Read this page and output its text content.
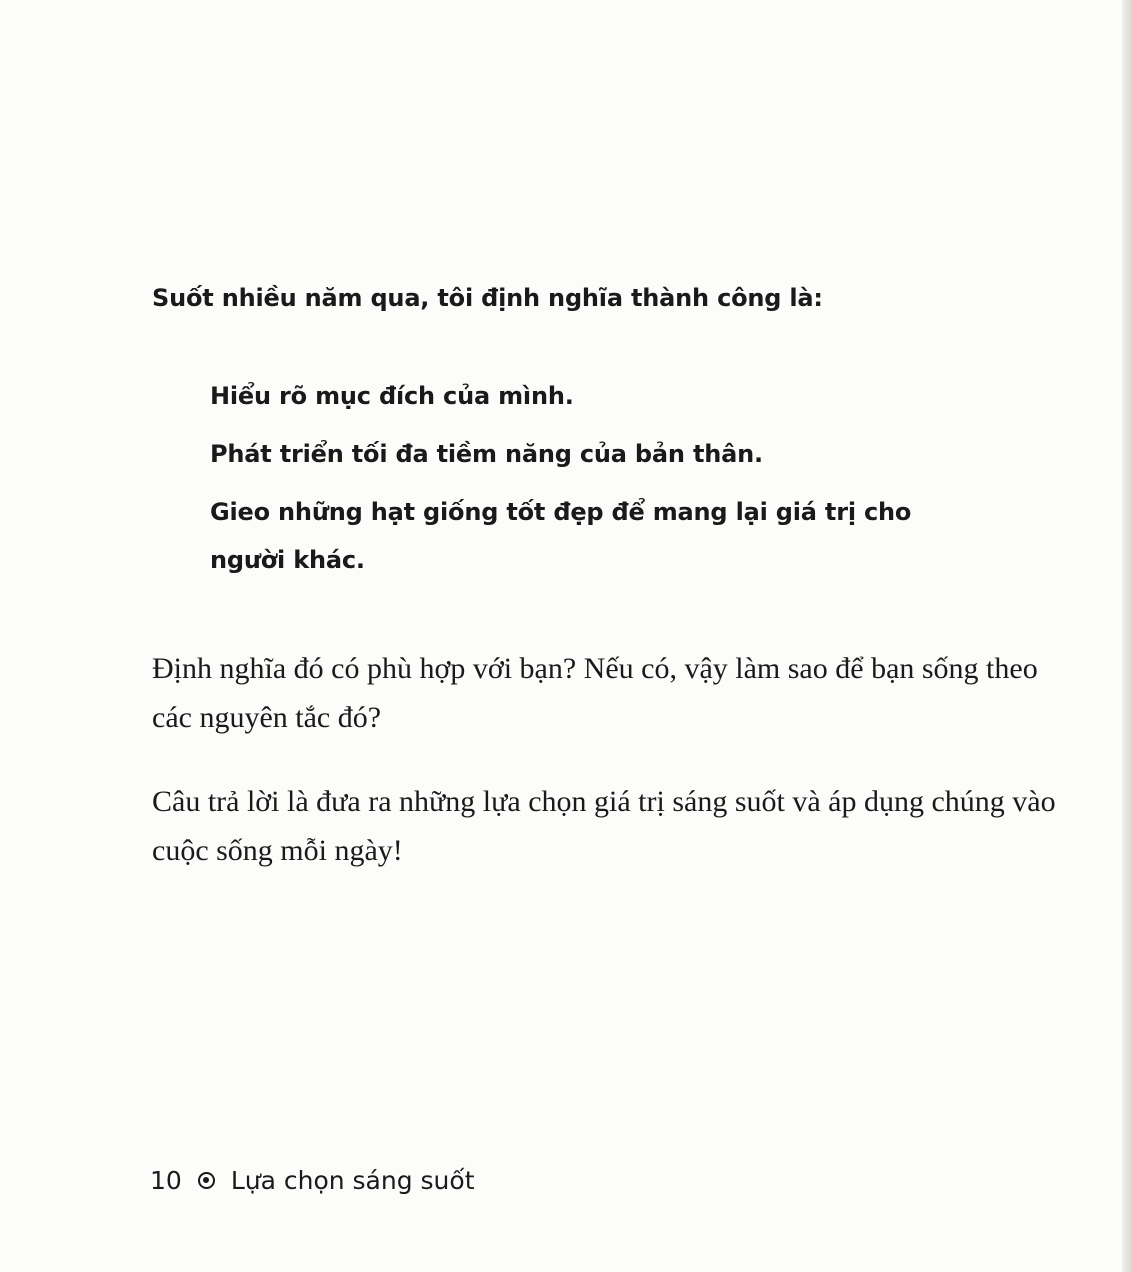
Suốt nhiều năm qua, tôi định nghĩa thành công là:

Hiểu rõ mục đích của mình.
Phát triển tối đa tiềm năng của bản thân.
Gieo những hạt giống tốt đẹp để mang lại giá trị cho người khác.

Định nghĩa đó có phù hợp với bạn? Nếu có, vậy làm sao để bạn sống theo các nguyên tắc đó?

Câu trả lời là đưa ra những lựa chọn giá trị sáng suốt và áp dụng chúng vào cuộc sống mỗi ngày!

10 Lựa chọn sáng suốt
